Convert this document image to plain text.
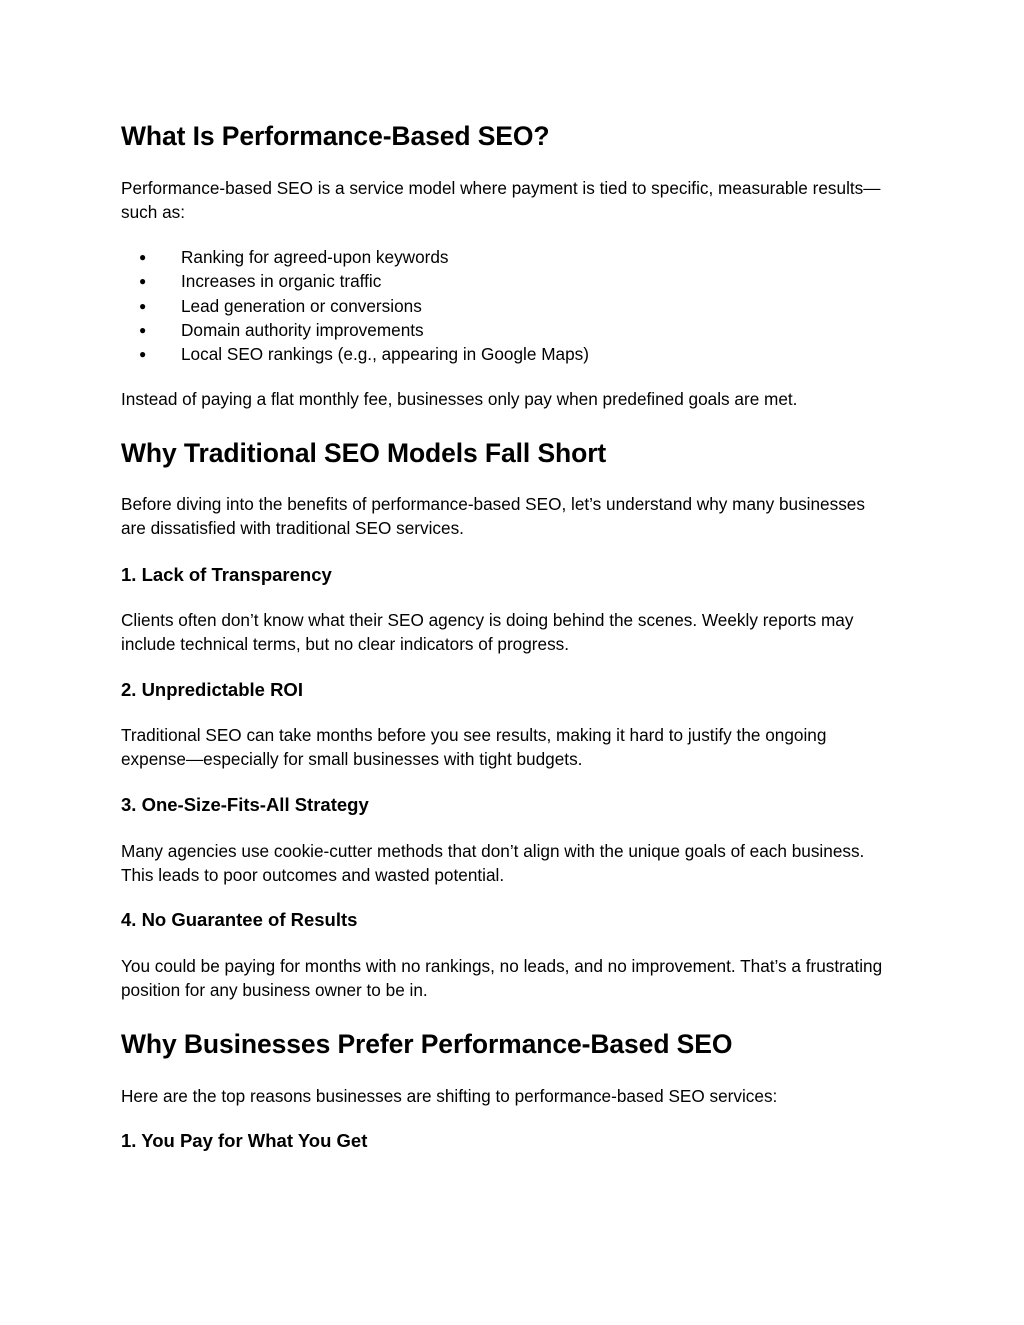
What Is Performance-Based SEO?

Performance-based SEO is a service model where payment is tied to specific, measurable results—such as:

● Ranking for agreed-upon keywords
● Increases in organic traffic
● Lead generation or conversions
● Domain authority improvements
● Local SEO rankings (e.g., appearing in Google Maps)

Instead of paying a flat monthly fee, businesses only pay when predefined goals are met.

Why Traditional SEO Models Fall Short

Before diving into the benefits of performance-based SEO, let’s understand why many businesses are dissatisfied with traditional SEO services.

1. Lack of Transparency

Clients often don’t know what their SEO agency is doing behind the scenes. Weekly reports may include technical terms, but no clear indicators of progress.

2. Unpredictable ROI

Traditional SEO can take months before you see results, making it hard to justify the ongoing expense—especially for small businesses with tight budgets.

3. One-Size-Fits-All Strategy

Many agencies use cookie-cutter methods that don’t align with the unique goals of each business. This leads to poor outcomes and wasted potential.

4. No Guarantee of Results

You could be paying for months with no rankings, no leads, and no improvement. That’s a frustrating position for any business owner to be in.

Why Businesses Prefer Performance-Based SEO

Here are the top reasons businesses are shifting to performance-based SEO services:

1. You Pay for What You Get
